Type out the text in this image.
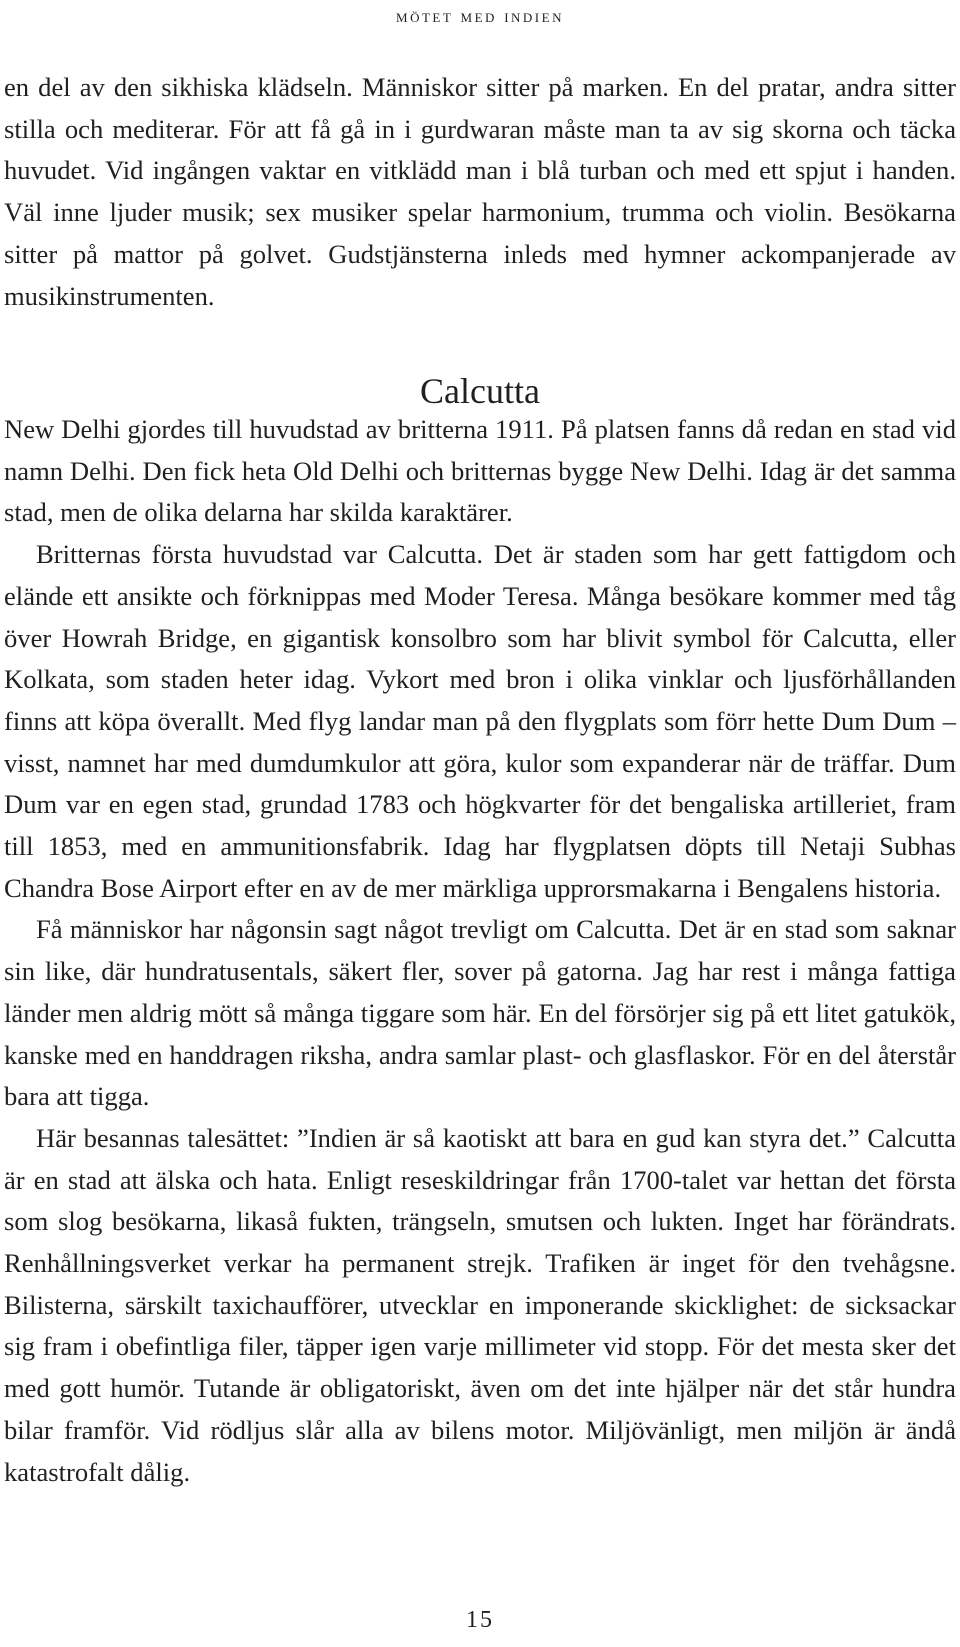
mötet med indien

en del av den sikhiska klädseln. Människor sitter på marken. En del pratar, andra sitter stilla och mediterar. För att få gå in i gurdwaran måste man ta av sig skorna och täcka huvudet. Vid ingången vaktar en vitklädd man i blå turban och med ett spjut i handen. Väl inne ljuder musik; sex musiker spelar harmonium, trumma och violin. Besökarna sitter på mattor på golvet. Gudstjänsterna inleds med hymner ackompanjerade av musikinstrumenten.

Calcutta

New Delhi gjordes till huvudstad av britterna 1911. På platsen fanns då redan en stad vid namn Delhi. Den fick heta Old Delhi och britternas bygge New Delhi. Idag är det samma stad, men de olika delarna har skilda karaktärer.

Britternas första huvudstad var Calcutta. Det är staden som har gett fattigdom och elände ett ansikte och förknippas med Moder Teresa. Många besökare kommer med tåg över Howrah Bridge, en gigantisk konsolbro som har blivit symbol för Calcutta, eller Kolkata, som staden heter idag. Vykort med bron i olika vinklar och ljusförhållanden finns att köpa överallt. Med flyg landar man på den flygplats som förr hette Dum Dum – visst, namnet har med dumdumkulor att göra, kulor som expanderar när de träffar. Dum Dum var en egen stad, grundad 1783 och högkvarter för det bengaliska artilleriet, fram till 1853, med en ammunitionsfabrik. Idag har flygplatsen döpts till Netaji Subhas Chandra Bose Airport efter en av de mer märkliga upprorsmakarna i Bengalens historia.

Få människor har någonsin sagt något trevligt om Calcutta. Det är en stad som saknar sin like, där hundratusentals, säkert fler, sover på gatorna. Jag har rest i många fattiga länder men aldrig mött så många tiggare som här. En del försörjer sig på ett litet gatukök, kanske med en handdragen riksha, andra samlar plast- och glasflaskor. För en del återstår bara att tigga.

Här besannas talesättet: ”Indien är så kaotiskt att bara en gud kan styra det.” Calcutta är en stad att älska och hata. Enligt reseskildringar från 1700-talet var hettan det första som slog besökarna, likaså fukten, trängseln, smutsen och lukten. Inget har förändrats. Renhållningsverket verkar ha permanent strejk. Trafiken är inget för den tvehågsne. Bilisterna, särskilt taxichaufförer, utvecklar en imponerande skicklighet: de sicksackar sig fram i obefintliga filer, täpper igen varje millimeter vid stopp. För det mesta sker det med gott humör. Tutande är obligatoriskt, även om det inte hjälper när det står hundra bilar framför. Vid rödljus slår alla av bilens motor. Miljövänligt, men miljön är ändå katastrofalt dålig.

15
